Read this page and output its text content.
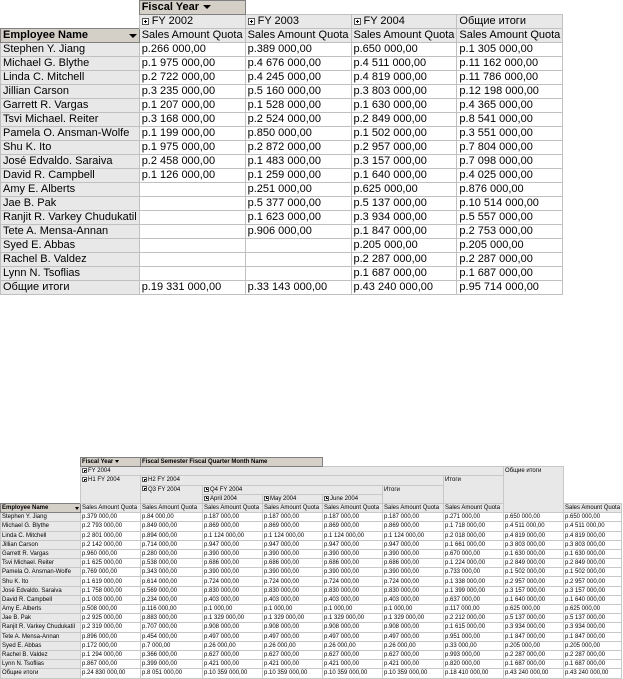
	Fiscal Year			
	FY 2002	FY 2003	FY 2004	Общие итоги
Employee Name	Sales Amount Quota	Sales Amount Quota	Sales Amount Quota	Sales Amount Quota
Stephen Y. Jiang	р.266 000,00	р.389 000,00	р.650 000,00	р.1 305 000,00
Michael G. Blythe	р.1 975 000,00	р.4 676 000,00	р.4 511 000,00	р.11 162 000,00
Linda C. Mitchell	р.2 722 000,00	р.4 245 000,00	р.4 819 000,00	р.11 786 000,00
Jillian Carson	р.3 235 000,00	р.5 160 000,00	р.3 803 000,00	р.12 198 000,00
Garrett R. Vargas	р.1 207 000,00	р.1 528 000,00	р.1 630 000,00	р.4 365 000,00
Tsvi Michael. Reiter	р.3 168 000,00	р.2 524 000,00	р.2 849 000,00	р.8 541 000,00
Pamela O. Ansman-Wolfe	р.1 199 000,00	р.850 000,00	р.1 502 000,00	р.3 551 000,00
Shu K. Ito	р.1 975 000,00	р.2 872 000,00	р.2 957 000,00	р.7 804 000,00
José Edvaldo. Saraiva	р.2 458 000,00	р.1 483 000,00	р.3 157 000,00	р.7 098 000,00
David R. Campbell	р.1 126 000,00	р.1 259 000,00	р.1 640 000,00	р.4 025 000,00
Amy E. Alberts		р.251 000,00	р.625 000,00	р.876 000,00
Jae B. Pak		р.5 377 000,00	р.5 137 000,00	р.10 514 000,00
Ranjit R. Varkey Chudukatil		р.1 623 000,00	р.3 934 000,00	р.5 557 000,00
Tete A. Mensa-Annan		р.906 000,00	р.1 847 000,00	р.2 753 000,00
Syed E. Abbas			р.205 000,00	р.205 000,00
Rachel B. Valdez			р.2 287 000,00	р.2 287 000,00
Lynn N. Tsoflias			р.1 687 000,00	р.1 687 000,00
Общие итоги	р.19 331 000,00	р.33 143 000,00	р.43 240 000,00	р.95 714 000,00
	Fiscal Year	Fiscal Semester Fiscal Quarter Month Name							
	FY 2004							Общие итоги	
	H1 FY 2004	H2 FY 2004					Итоги		
		Q3 FY 2004	Q4 FY 2004			Итоги			
			April 2004	May 2004	June 2004				
Employee Name	Sales Amount Quota	Sales Amount Quota	Sales Amount Quota	Sales Amount Quota	Sales Amount Quota	Sales Amount Quota	Sales Amount Quota		Sales Amount Quota
Stephen Y. Jiang	р.379 000,00	р.84 000,00	р.187 000,00	р.187 000,00	р.187 000,00	р.187 000,00	р.271 000,00	р.650 000,00	р.650 000,00
Michael G. Blythe	р.2 793 000,00	р.849 000,00	р.869 000,00	р.869 000,00	р.869 000,00	р.869 000,00	р.1 718 000,00	р.4 511 000,00	р.4 511 000,00
Linda C. Mitchell	р.2 801 000,00	р.894 000,00	р.1 124 000,00	р.1 124 000,00	р.1 124 000,00	р.1 124 000,00	р.2 018 000,00	р.4 819 000,00	р.4 819 000,00
Jillian Carson	р.2 142 000,00	р.714 000,00	р.947 000,00	р.947 000,00	р.947 000,00	р.947 000,00	р.1 661 000,00	р.3 803 000,00	р.3 803 000,00
Garrett R. Vargas	р.960 000,00	р.280 000,00	р.390 000,00	р.390 000,00	р.390 000,00	р.390 000,00	р.670 000,00	р.1 630 000,00	р.1 630 000,00
Tsvi Michael. Reiter	р.1 625 000,00	р.538 000,00	р.686 000,00	р.686 000,00	р.686 000,00	р.686 000,00	р.1 224 000,00	р.2 849 000,00	р.2 849 000,00
Pamela O. Ansman-Wolfe	р.769 000,00	р.343 000,00	р.390 000,00	р.390 000,00	р.390 000,00	р.390 000,00	р.733 000,00	р.1 502 000,00	р.1 502 000,00
Shu K. Ito	р.1 619 000,00	р.614 000,00	р.724 000,00	р.724 000,00	р.724 000,00	р.724 000,00	р.1 338 000,00	р.2 957 000,00	р.2 957 000,00
José Edvaldo. Saraiva	р.1 758 000,00	р.569 000,00	р.830 000,00	р.830 000,00	р.830 000,00	р.830 000,00	р.1 399 000,00	р.3 157 000,00	р.3 157 000,00
David R. Campbell	р.1 003 000,00	р.234 000,00	р.403 000,00	р.403 000,00	р.403 000,00	р.403 000,00	р.637 000,00	р.1 640 000,00	р.1 640 000,00
Amy E. Alberts	р.508 000,00	р.116 000,00	р.1 000,00	р.1 000,00	р.1 000,00	р.1 000,00	р.117 000,00	р.625 000,00	р.625 000,00
Jae B. Pak	р.2 925 000,00	р.883 000,00	р.1 329 000,00	р.1 329 000,00	р.1 329 000,00	р.1 329 000,00	р.2 212 000,00	р.5 137 000,00	р.5 137 000,00
Ranjit R. Varkey Chudukatil	р.2 319 000,00	р.707 000,00	р.908 000,00	р.908 000,00	р.908 000,00	р.908 000,00	р.1 615 000,00	р.3 934 000,00	р.3 934 000,00
Tete A. Mensa-Annan	р.896 000,00	р.454 000,00	р.497 000,00	р.497 000,00	р.497 000,00	р.497 000,00	р.951 000,00	р.1 847 000,00	р.1 847 000,00
Syed E. Abbas	р.172 000,00	р.7 000,00	р.26 000,00	р.26 000,00	р.26 000,00	р.26 000,00	р.33 000,00	р.205 000,00	р.205 000,00
Rachel B. Valdez	р.1 294 000,00	р.366 000,00	р.627 000,00	р.627 000,00	р.627 000,00	р.627 000,00	р.993 000,00	р.2 287 000,00	р.2 287 000,00
Lynn N. Tsoflias	р.867 000,00	р.399 000,00	р.421 000,00	р.421 000,00	р.421 000,00	р.421 000,00	р.820 000,00	р.1 687 000,00	р.1 687 000,00
Общие итоги	р.24 830 000,00	р.8 051 000,00	р.10 359 000,00	р.10 359 000,00	р.10 359 000,00	р.10 359 000,00	р.18 410 000,00	р.43 240 000,00	р.43 240 000,00
